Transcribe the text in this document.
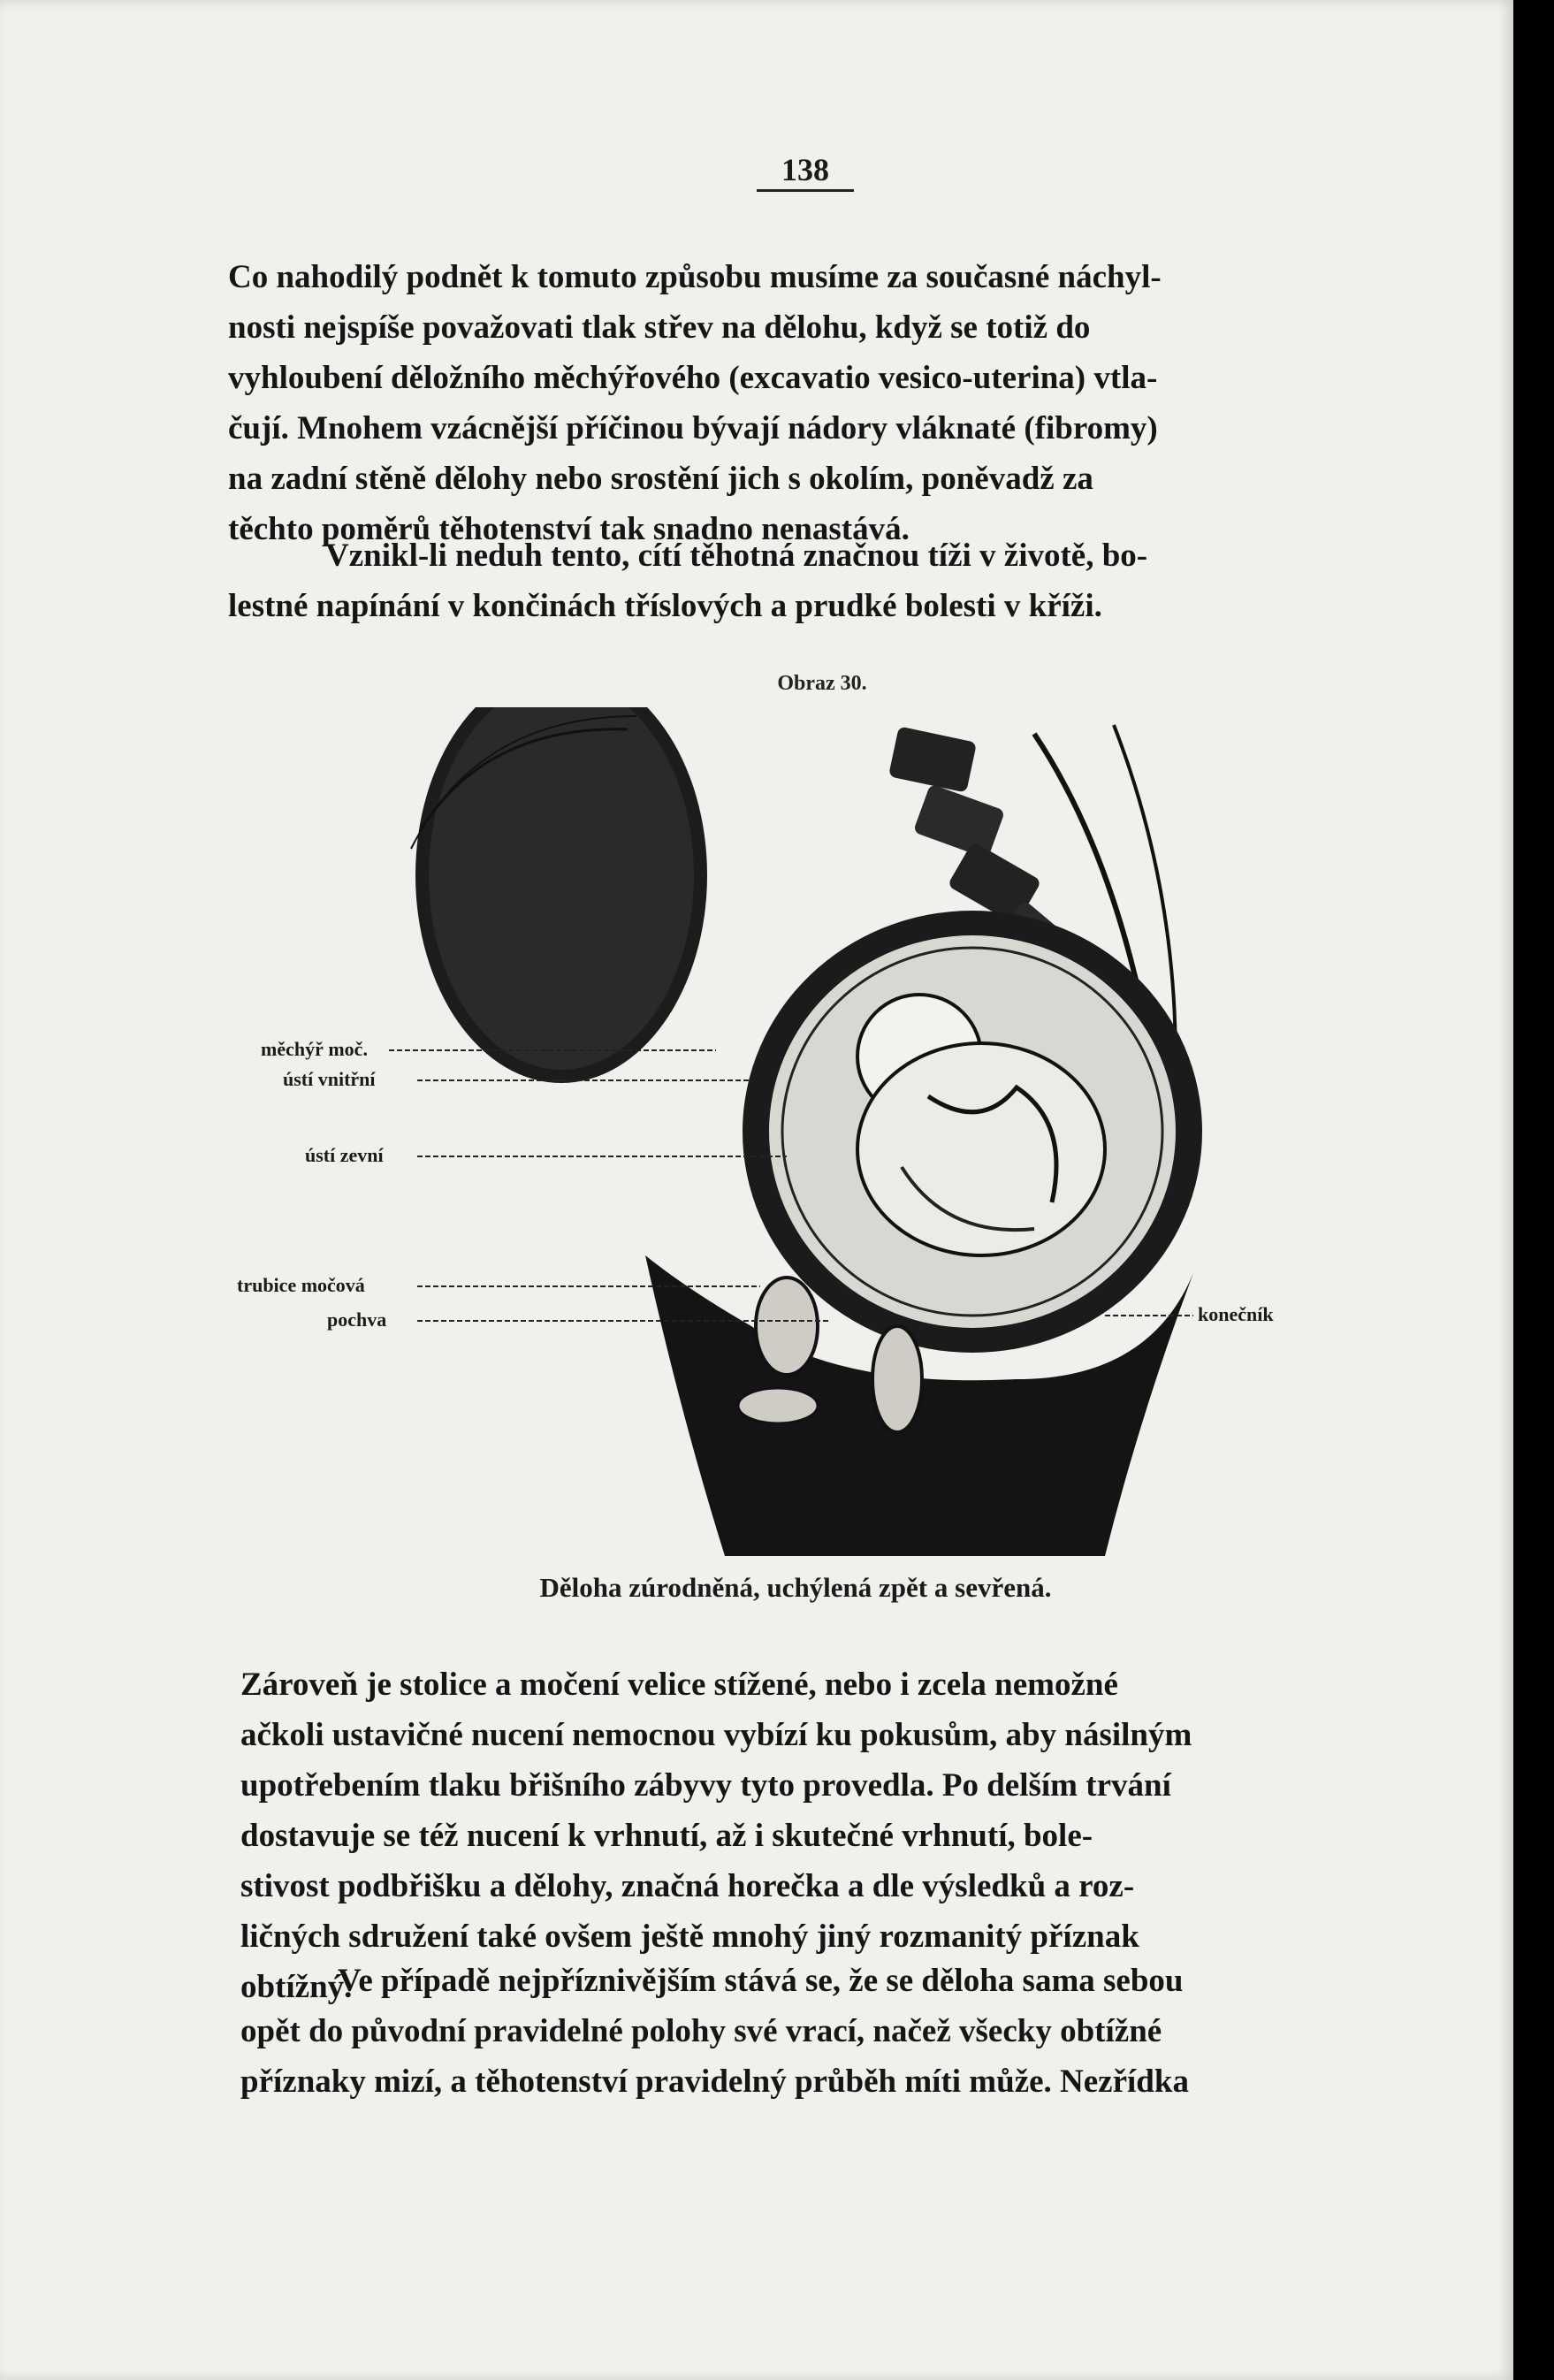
138
Co nahodilý podnět k tomuto způsobu musíme za současné náchyl-
nosti nejspíše považovati tlak střev na dělohu, když se totiž do
vyhloubení děložního měchýřového (excavatio vesico-uterina) vtla-
čují. Mnohem vzácnější příčinou bývají nádory vláknaté (fibromy)
na zadní stěně dělohy nebo srostění jich s okolím, poněvadž za
těchto poměrů těhotenství tak snadno nenastává.
Vznikl-li neduh tento, cítí těhotná značnou tíži v životě, bo-
lestné napínání v končinách tříslových a prudké bolesti v kříži.
Obraz 30.
měchýř moč.
ústí vnitřní
ústí zevní
trubice močová
pochva	konečník
Děloha zúrodněná, uchýlená zpět a sevřená.
Zároveň je stolice a močení velice stížené, nebo i zcela nemožné
ačkoli ustavičné nucení nemocnou vybízí ku pokusům, aby násilným
upotřebením tlaku břišního zábyvy tyto provedla. Po delším trvání
dostavuje se též nucení k vrhnutí, až i skutečné vrhnutí, bole-
stivost podbřišku a dělohy, značná horečka a dle výsledků a roz-
ličných sdružení také ovšem ještě mnohý jiný rozmanitý příznak
obtížný.
Ve případě nejpříznivějším stává se, že se děloha sama sebou
opět do původní pravidelné polohy své vrací, načež všecky obtížné
příznaky mizí, a těhotenství pravidelný průběh míti může. Nezřídka
